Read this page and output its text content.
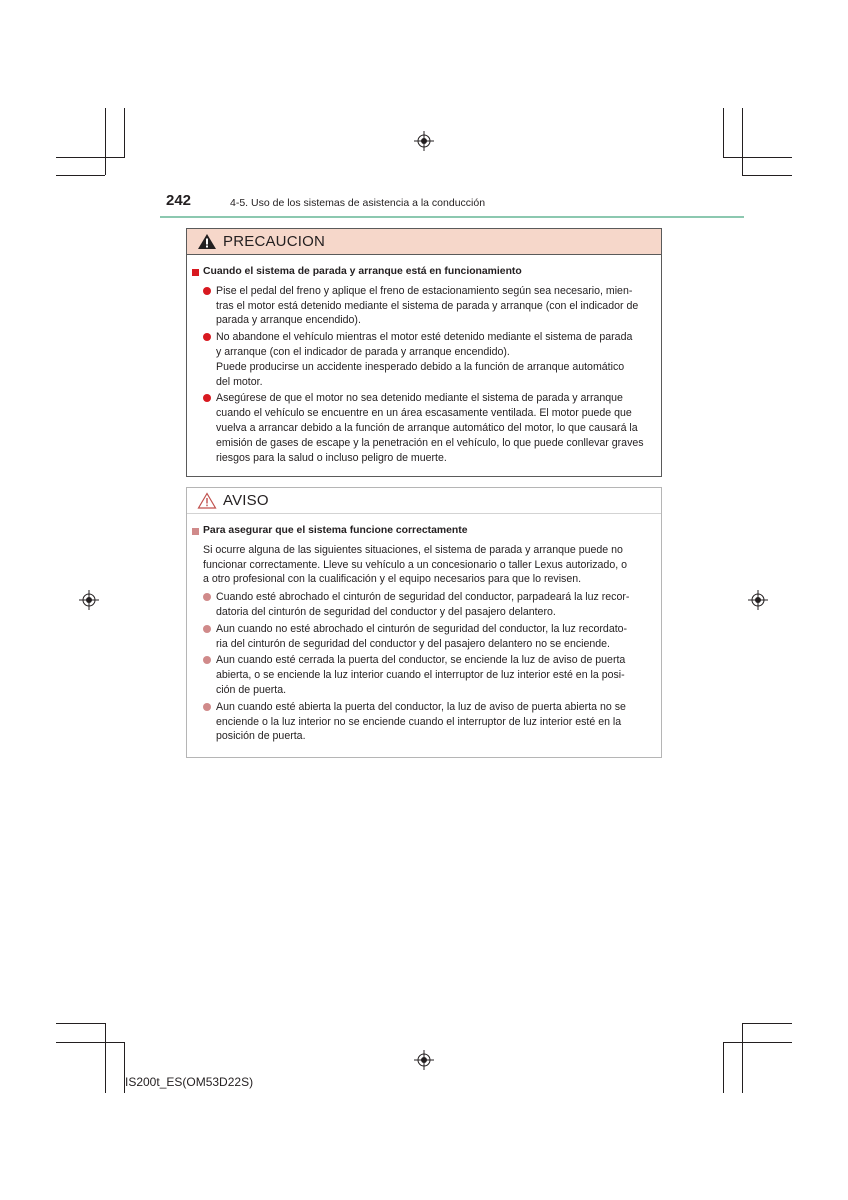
242	4-5. Uso de los sistemas de asistencia a la conducción
PRECAUCION
Cuando el sistema de parada y arranque está en funcionamiento
Pise el pedal del freno y aplique el freno de estacionamiento según sea necesario, mien-
tras el motor está detenido mediante el sistema de parada y arranque (con el indicador de
parada y arranque encendido).
No abandone el vehículo mientras el motor esté detenido mediante el sistema de parada
y arranque (con el indicador de parada y arranque encendido).
Puede producirse un accidente inesperado debido a la función de arranque automático
del motor.
Asegúrese de que el motor no sea detenido mediante el sistema de parada y arranque
cuando el vehículo se encuentre en un área escasamente ventilada. El motor puede que
vuelva a arrancar debido a la función de arranque automático del motor, lo que causará la
emisión de gases de escape y la penetración en el vehículo, lo que puede conllevar graves
riesgos para la salud o incluso peligro de muerte.
AVISO
Para asegurar que el sistema funcione correctamente
Si ocurre alguna de las siguientes situaciones, el sistema de parada y arranque puede no
funcionar correctamente. Lleve su vehículo a un concesionario o taller Lexus autorizado, o
a otro profesional con la cualificación y el equipo necesarios para que lo revisen.
Cuando esté abrochado el cinturón de seguridad del conductor, parpadeará la luz recor-
datoria del cinturón de seguridad del conductor y del pasajero delantero.
Aun cuando no esté abrochado el cinturón de seguridad del conductor, la luz recordato-
ria del cinturón de seguridad del conductor y del pasajero delantero no se enciende.
Aun cuando esté cerrada la puerta del conductor, se enciende la luz de aviso de puerta
abierta, o se enciende la luz interior cuando el interruptor de luz interior esté en la posi-
ción de puerta.
Aun cuando esté abierta la puerta del conductor, la luz de aviso de puerta abierta no se
enciende o la luz interior no se enciende cuando el interruptor de luz interior esté en la
posición de puerta.
IS200t_ES(OM53D22S)
